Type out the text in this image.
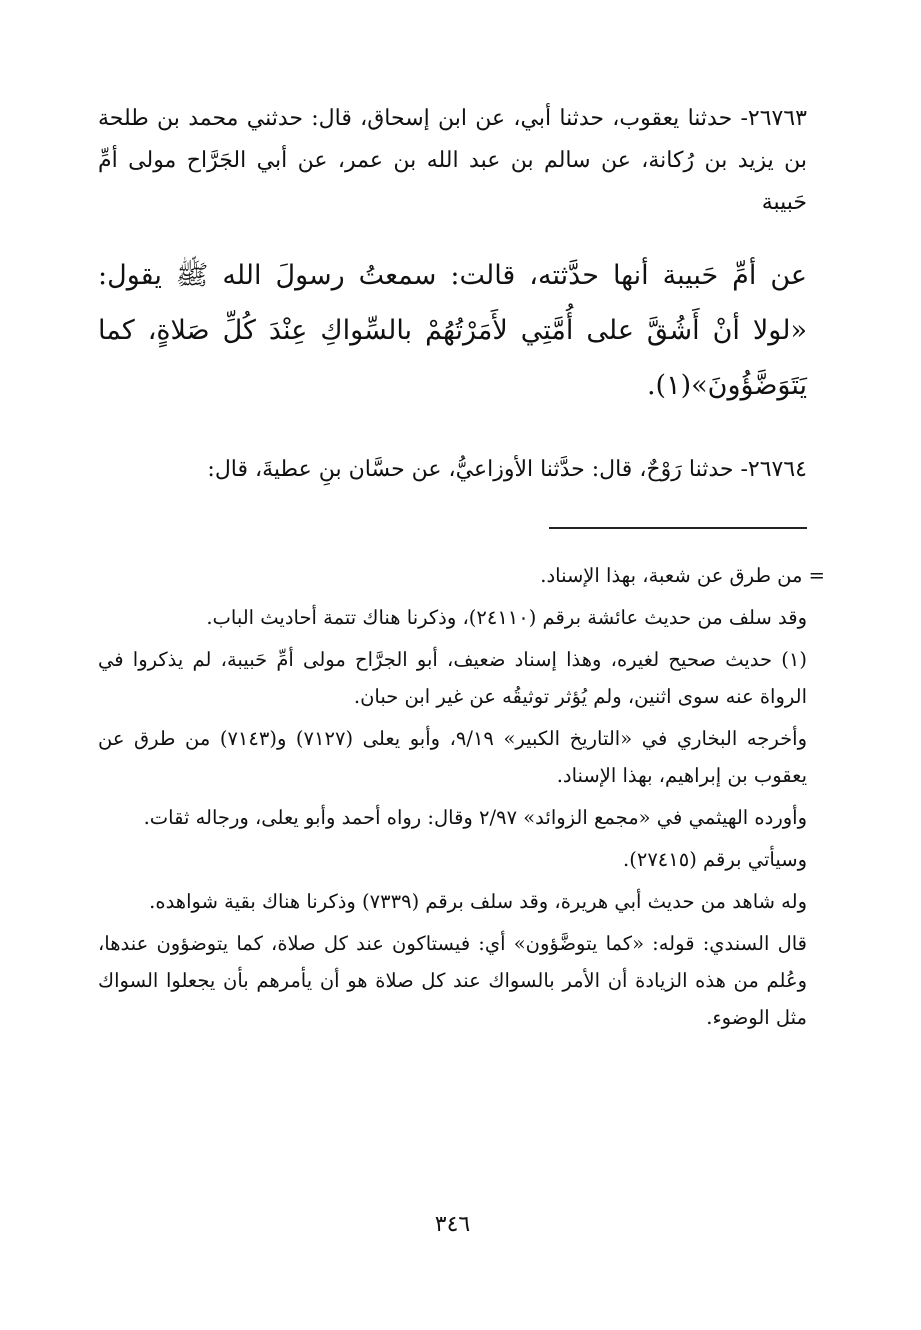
٢٦٧٦٣- حدثنا يعقوب، حدثنا أبي، عن ابن إسحاق، قال: حدثني محمد بن طلحة بن يزيد بن رُكانة، عن سالم بن عبد الله بن عمر، عن أبي الجَرَّاح مولى أمِّ حَبيبة

عن أمِّ حَبيبة أنها حدَّثته، قالت: سمعتُ رسولَ الله ﷺ يقول: «لولا أنْ أَشُقَّ على أُمَّتِي لأَمَرْتُهُمْ بالسِّواكِ عِنْدَ كُلِّ صَلاةٍ، كما يَتَوَضَّؤُونَ»(١).

٢٦٧٦٤- حدثنا رَوْحٌ، قال: حدَّثنا الأوزاعيُّ، عن حسَّان بنِ عطيةَ، قال:

= من طرق عن شعبة، بهذا الإسناد.

وقد سلف من حديث عائشة برقم (٢٤١١٠)، وذكرنا هناك تتمة أحاديث الباب.

(١) حديث صحيح لغيره، وهذا إسناد ضعيف، أبو الجرَّاح مولى أمِّ حَبيبة، لم يذكروا في الرواة عنه سوى اثنين، ولم يُؤثر توثيقُه عن غير ابن حبان.

وأخرجه البخاري في «التاريخ الكبير» ٩/١٩، وأبو يعلى (٧١٢٧) و(٧١٤٣) من طرق عن يعقوب بن إبراهيم، بهذا الإسناد.

وأورده الهيثمي في «مجمع الزوائد» ٢/٩٧ وقال: رواه أحمد وأبو يعلى، ورجاله ثقات.

وسيأتي برقم (٢٧٤١٥).

وله شاهد من حديث أبي هريرة، وقد سلف برقم (٧٣٣٩) وذكرنا هناك بقية شواهده.

قال السندي: قوله: «كما يتوضَّؤون» أي: فيستاكون عند كل صلاة، كما يتوضؤون عندها، وعُلم من هذه الزيادة أن الأمر بالسواك عند كل صلاة هو أن يأمرهم بأن يجعلوا السواك مثل الوضوء.

٣٤٦
